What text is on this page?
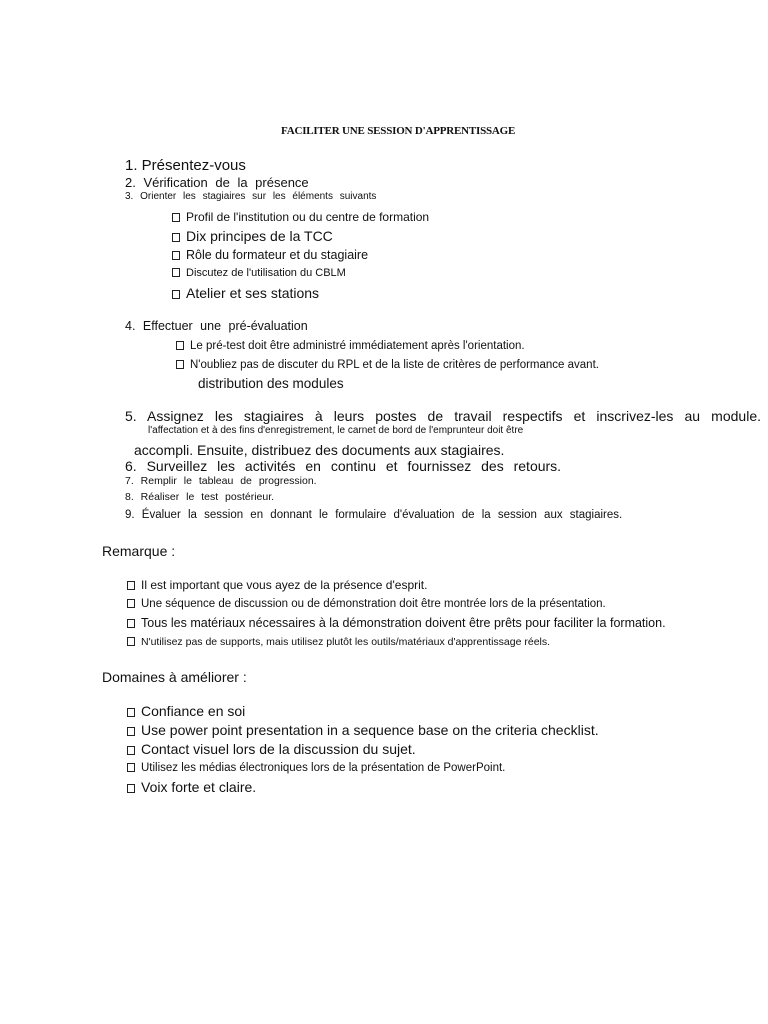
FACILITER UNE SESSION D'APPRENTISSAGE
1. Présentez-vous
2. Vérification de la présence
3. Orienter les stagiaires sur les éléments suivants
Profil de l'institution ou du centre de formation
Dix principes de la TCC
Rôle du formateur et du stagiaire
Discutez de l'utilisation du CBLM
Atelier et ses stations
4. Effectuer une pré-évaluation
Le pré-test doit être administré immédiatement après l'orientation.
N'oubliez pas de discuter du RPL et de la liste de critères de performance avant.
distribution des modules
5. Assignez les stagiaires à leurs postes de travail respectifs et inscrivez-les au module.
l'affectation et à des fins d'enregistrement, le carnet de bord de l'emprunteur doit être
accompli. Ensuite, distribuez des documents aux stagiaires.
6. Surveillez les activités en continu et fournissez des retours.
7. Remplir le tableau de progression.
8. Réaliser le test postérieur.
9. Évaluer la session en donnant le formulaire d'évaluation de la session aux stagiaires.
Remarque :
Il est important que vous ayez de la présence d'esprit.
Une séquence de discussion ou de démonstration doit être montrée lors de la présentation.
Tous les matériaux nécessaires à la démonstration doivent être prêts pour faciliter la formation.
N'utilisez pas de supports, mais utilisez plutôt les outils/matériaux d'apprentissage réels.
Domaines à améliorer :
Confiance en soi
Use power point presentation in a sequence base on the criteria checklist.
Contact visuel lors de la discussion du sujet.
Utilisez les médias électroniques lors de la présentation de PowerPoint.
Voix forte et claire.
